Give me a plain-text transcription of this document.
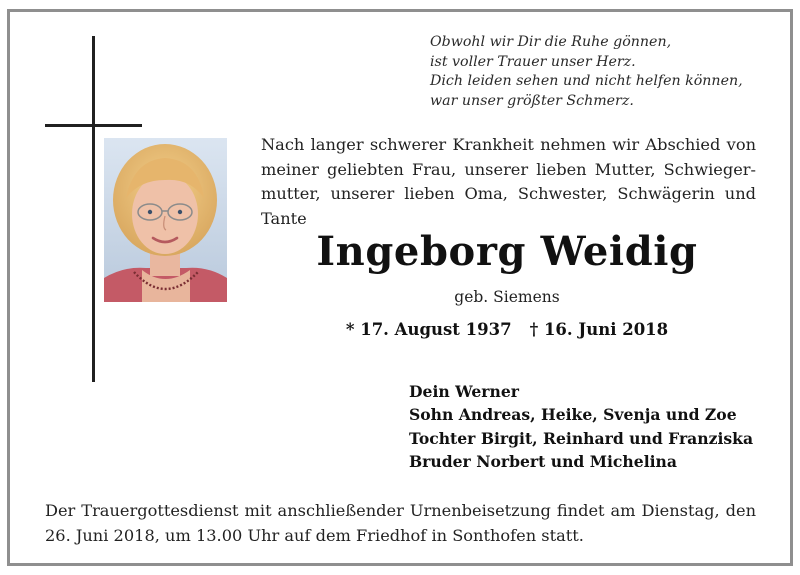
Obwohl wir Dir die Ruhe gönnen,
ist voller Trauer unser Herz.
Dich leiden sehen und nicht helfen können,
war unser größter Schmerz.
Nach langer schwerer Krankheit nehmen wir Abschied von meiner geliebten Frau, unserer lieben Mutter, Schwieger-mutter, unserer lieben Oma, Schwester, Schwägerin und Tante
Ingeborg Weidig
geb. Siemens
* 17. August 1937 † 16. Juni 2018
Dein Werner
Sohn Andreas, Heike, Svenja und Zoe
Tochter Birgit, Reinhard und Franziska
Bruder Norbert und Michelina
Der Trauergottesdienst mit anschließender Urnenbeisetzung findet am Dienstag, den 26. Juni 2018, um 13.00 Uhr auf dem Friedhof in Sonthofen statt.
